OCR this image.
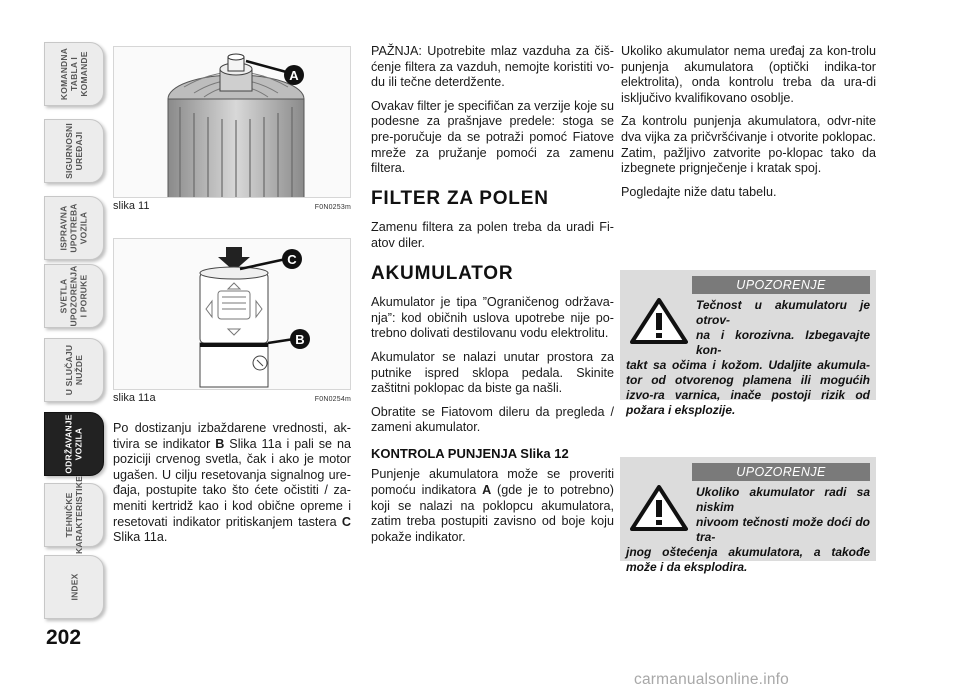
KOMANDNA
TABLA I
KOMANDE
SIGURNOSNI
UREĐAJI
ISPRAVNA
UPOTREBA
VOZILA
SVETLA
UPOZORENJA
I PORUKE
U SLUČAJU
NUŽDE
ODRŽAVANJE
VOZILA
TEHNIČKE
KARAKTERISTIKE
INDEX
202
A
slika 11	F0N0253m
C
B
slika 11a	F0N0254m

Po dostizanju izbaždarene vrednosti, ak-tivira se indikator B Slika 11a i pali se na poziciji crvenog svetla, čak i ako je motor ugašen. U cilju resetovanja signalnog ure-đaja, postupite tako što ćete očistiti / za-meniti kertridž kao i kod obične opreme i resetovati indikator pritiskanjem tastera C Slika 11a.

PAŽNJA: Upotrebite mlaz vazduha za čiš-ćenje filtera za vazduh, nemojte koristiti vo-du ili tečne deterdžente.

Ovakav filter je specifičan za verzije koje su podesne za prašnjave predele: stoga se pre-poručuje da se potraži pomoć Fiatove mreže za pružanje pomoći za zamenu filtera.

FILTER ZA POLEN

Zamenu filtera za polen treba da uradi Fi-atov diler.

AKUMULATOR

Akumulator je tipa ”Ograničenog održava-nja”: kod običnih uslova upotrebe nije po-trebno dolivati destilovanu vodu elektrolitu.

Akumulator se nalazi unutar prostora za putnike ispred sklopa pedala. Skinite zaštitni poklopac da biste ga našli.

Obratite se Fiatovom dileru da pregleda / zameni akumulator.

KONTROLA PUNJENJA Slika 12

Punjenje akumulatora može se proveriti pomoću indikatora A (gde je to potrebno) koji se nalazi na poklopcu akumulatora, zatim treba postupiti zavisno od boje koju pokaže indikator.

Ukoliko akumulator nema uređaj za kon-trolu punjenja akumulatora (optički indika-tor elektrolita), onda kontrolu treba da ura-di isključivo kvalifikovano osoblje.

Za kontrolu punjenja akumulatora, odvr-nite dva vijka za pričvršćivanje i otvorite poklopac. Zatim, pažljivo zatvorite po-klopac tako da izbegnete prignječenje i kratak spoj.

Pogledajte niže datu tabelu.

UPOZORENJE
Tečnost u akumulatoru je otrov-
na i korozivna. Izbegavajte kon-
takt sa očima i kožom. Udaljite akumula-tor od otvorenog plamena ili mogućih izvo-ra varnica, inače postoji rizik od požara i eksplozije.
UPOZORENJE
Ukoliko akumulator radi sa niskim
nivoom tečnosti može doći do tra-
jnog oštećenja akumulatora, a takođe može i da eksplodira.
carmanualsonline.info
